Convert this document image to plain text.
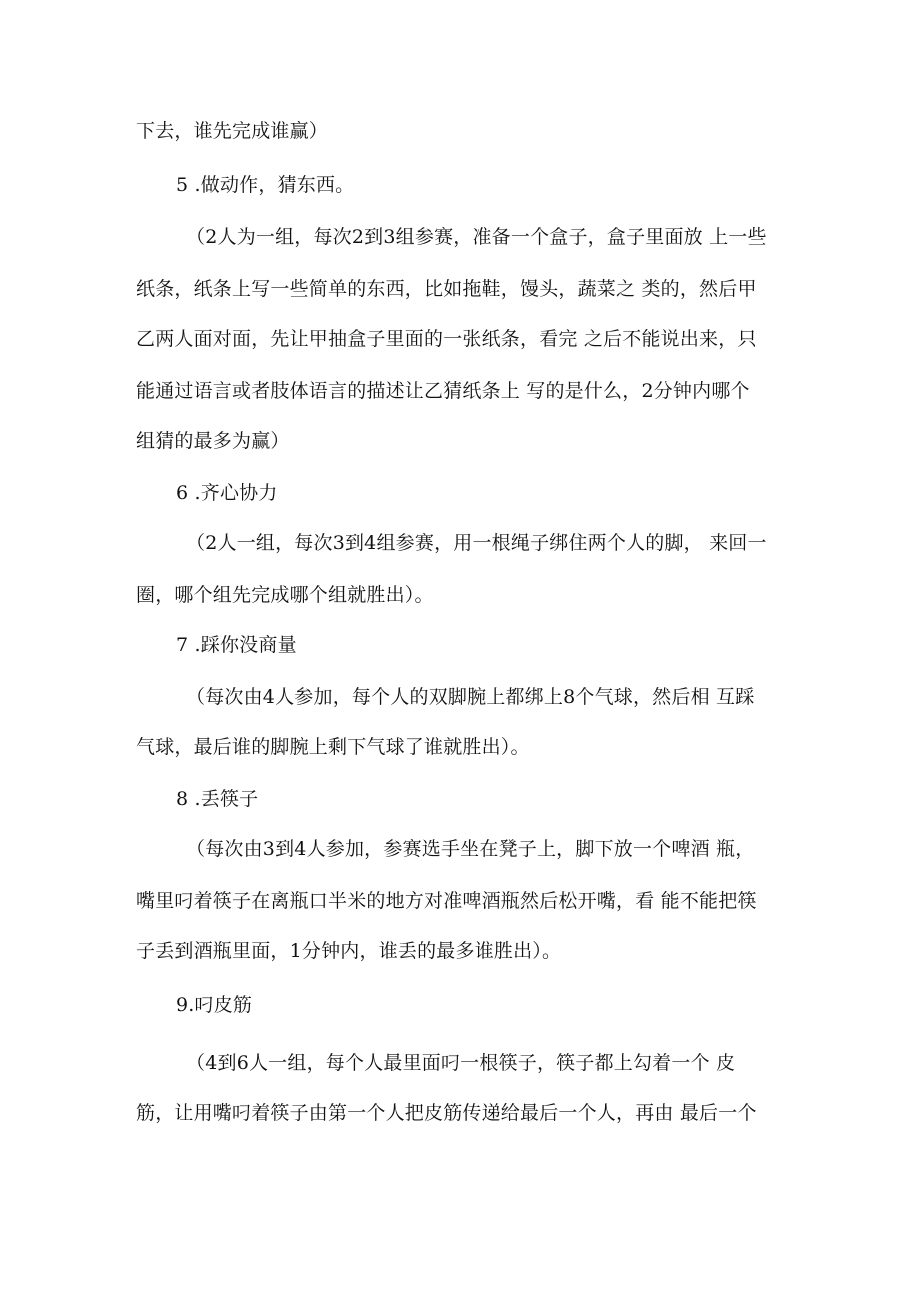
下去，谁先完成谁赢）
5 .做动作，猜东西。
（2人为一组，每次2到3组参赛，准备一个盒子，盒子里面放 上一些
纸条，纸条上写一些简单的东西，比如拖鞋，馒头，蔬菜之 类的，然后甲
乙两人面对面，先让甲抽盒子里面的一张纸条，看完 之后不能说出来，只
能通过语言或者肢体语言的描述让乙猜纸条上 写的是什么，2分钟内哪个
组猜的最多为赢）
6 .齐心协力
（2人一组，每次3到4组参赛，用一根绳子绑住两个人的脚， 来回一
圈，哪个组先完成哪个组就胜出）。
7 .踩你没商量
（每次由4人参加，每个人的双脚腕上都绑上8个气球，然后相 互踩
气球，最后谁的脚腕上剩下气球了谁就胜出）。
8 .丢筷子
（每次由3到4人参加，参赛选手坐在凳子上，脚下放一个啤酒 瓶，
嘴里叼着筷子在离瓶口半米的地方对准啤酒瓶然后松开嘴，看 能不能把筷
子丢到酒瓶里面，1分钟内，谁丢的最多谁胜出）。
9.叼皮筋
（4到6人一组，每个人最里面叼一根筷子，筷子都上勾着一个 皮
筋，让用嘴叼着筷子由第一个人把皮筋传递给最后一个人，再由 最后一个
